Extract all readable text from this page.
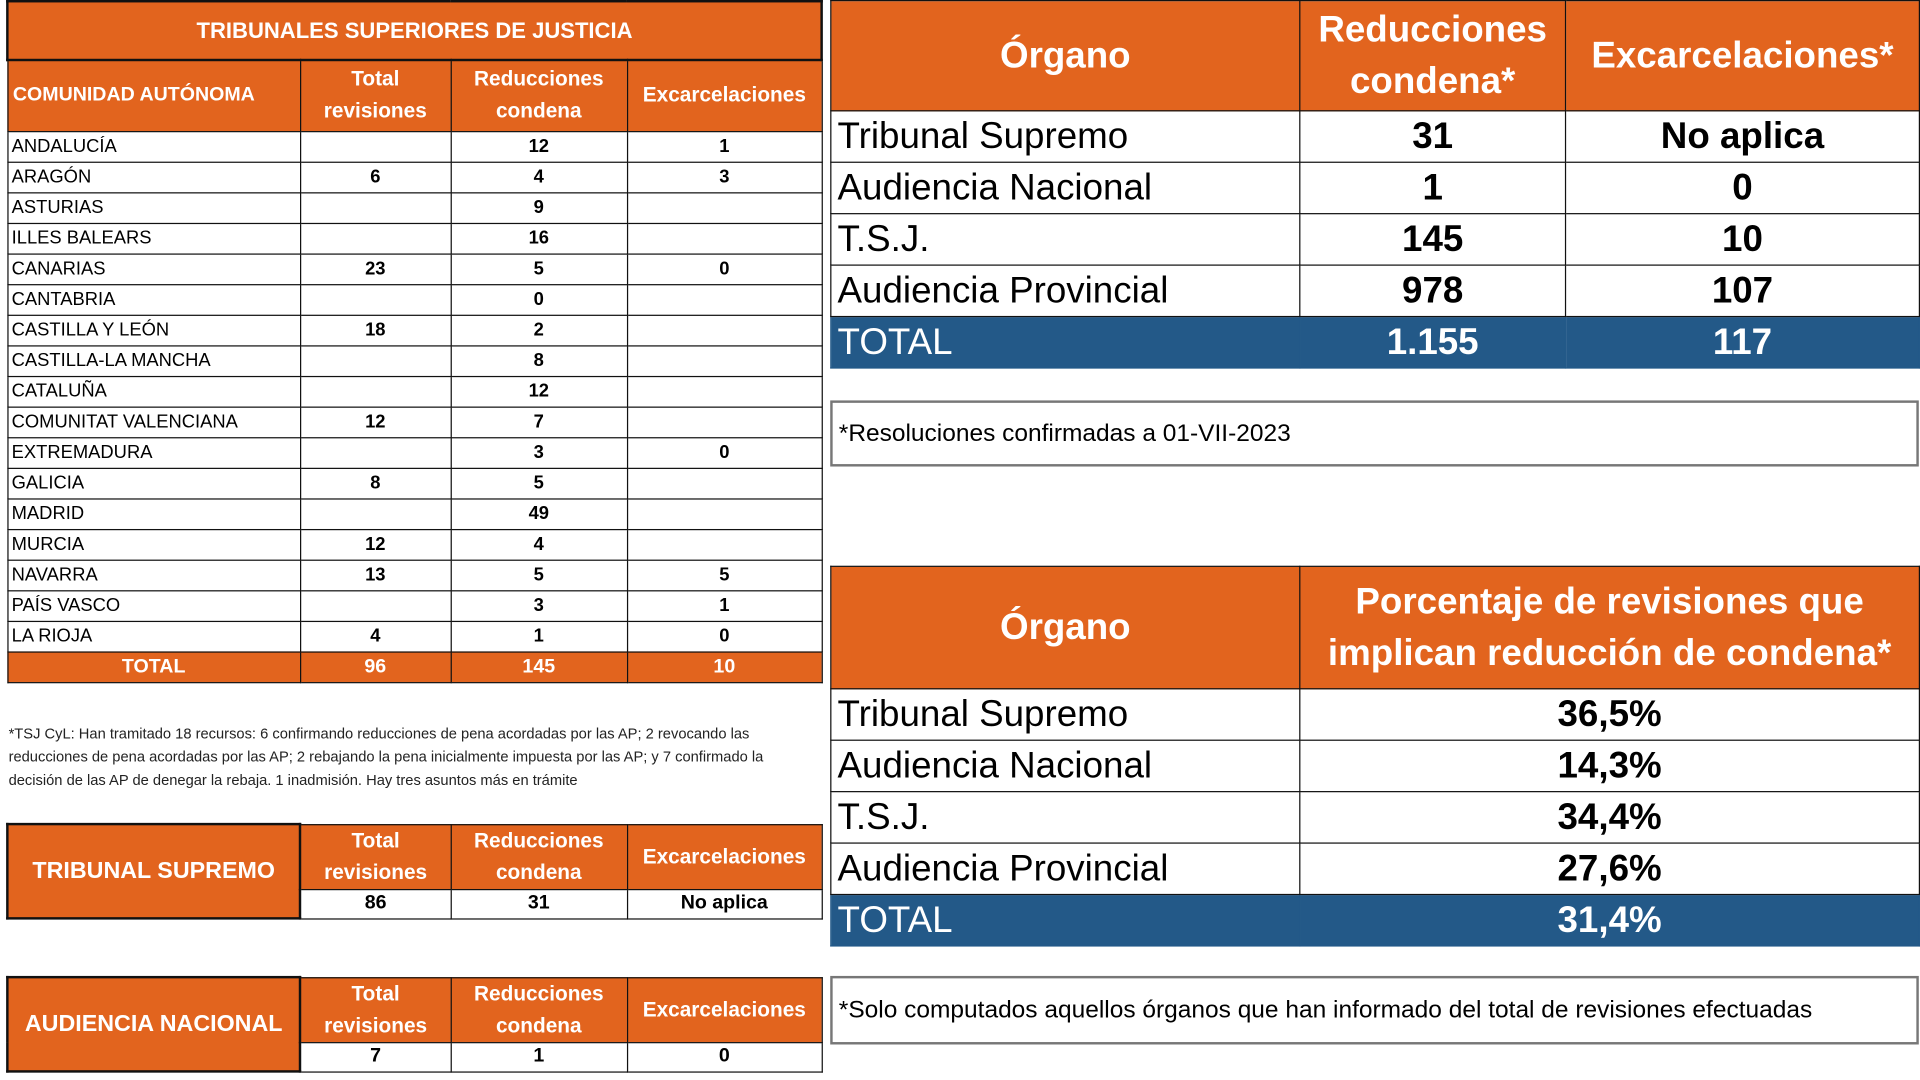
TRIBUNALES SUPERIORES DE JUSTICIA			
COMUNIDAD AUTÓNOMA	Total revisiones	Reducciones condena	Excarcelaciones
ANDALUCÍA		12	1
ARAGÓN	6	4	3
ASTURIAS		9	
ILLES BALEARS		16	
CANARIAS	23	5	0
CANTABRIA		0	
CASTILLA Y LEÓN	18	2	
CASTILLA-LA MANCHA		8	
CATALUÑA		12	
COMUNITAT VALENCIANA	12	7	
EXTREMADURA		3	0
GALICIA	8	5	
MADRID		49	
MURCIA	12	4	
NAVARRA	13	5	5
PAÍS VASCO		3	1
LA RIOJA	4	1	0
TOTAL	96	145	10
*TSJ CyL: Han tramitado 18 recursos: 6 confirmando reducciones de pena acordadas por las AP; 2 revocando las reducciones de pena acordadas por las AP; 2 rebajando la pena inicialmente impuesta por las AP; y 7 confirmado la decisión de las AP de denegar la rebaja. 1 inadmisión. Hay tres asuntos más en trámite
TRIBUNAL SUPREMO	Total revisiones	Reducciones condena	Excarcelaciones
	86	31	No aplica
AUDIENCIA NACIONAL	Total revisiones	Reducciones condena	Excarcelaciones
	7	1	0
Órgano	Reducciones condena*	Excarcelaciones*
Tribunal Supremo	31	No aplica
Audiencia Nacional	1	0
T.S.J.	145	10
Audiencia Provincial	978	107
TOTAL	1.155	117
*Resoluciones confirmadas a 01-VII-2023
Órgano	Porcentaje de revisiones que implican reducción de condena*
Tribunal Supremo	36,5%
Audiencia Nacional	14,3%
T.S.J.	34,4%
Audiencia Provincial	27,6%
TOTAL	31,4%
*Solo computados aquellos órganos que han informado del total de revisiones efectuadas
